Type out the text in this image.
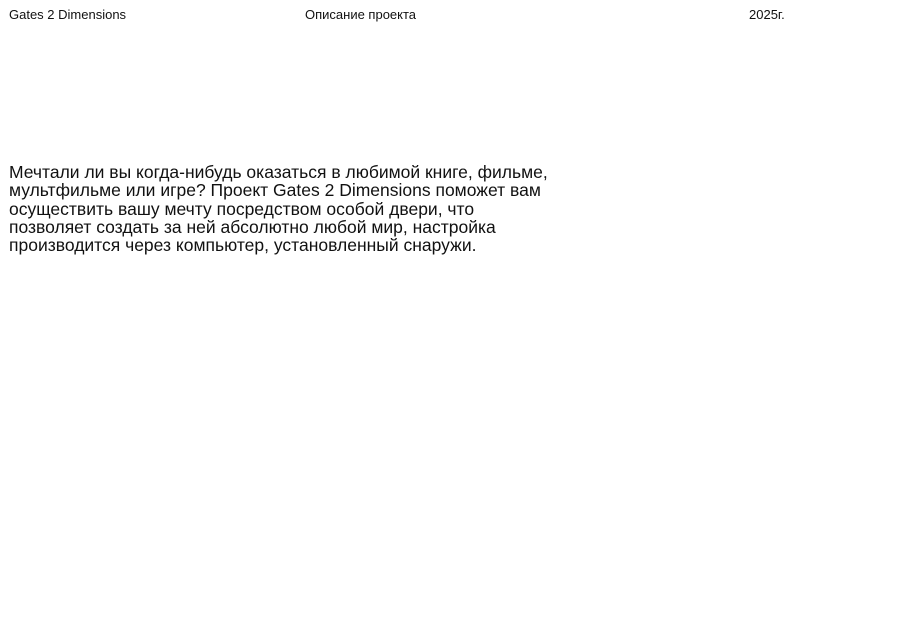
Gates 2 Dimensions	Описание проекта	2025г.

Мечтали ли вы когда-нибудь оказаться в любимой книге, фильме, мультфильме или игре? Проект Gates 2 Dimensions поможет вам осуществить вашу мечту посредством особой двери, что позволяет создать за ней абсолютно любой мир, настройка производится через компьютер, установленный снаружи.
